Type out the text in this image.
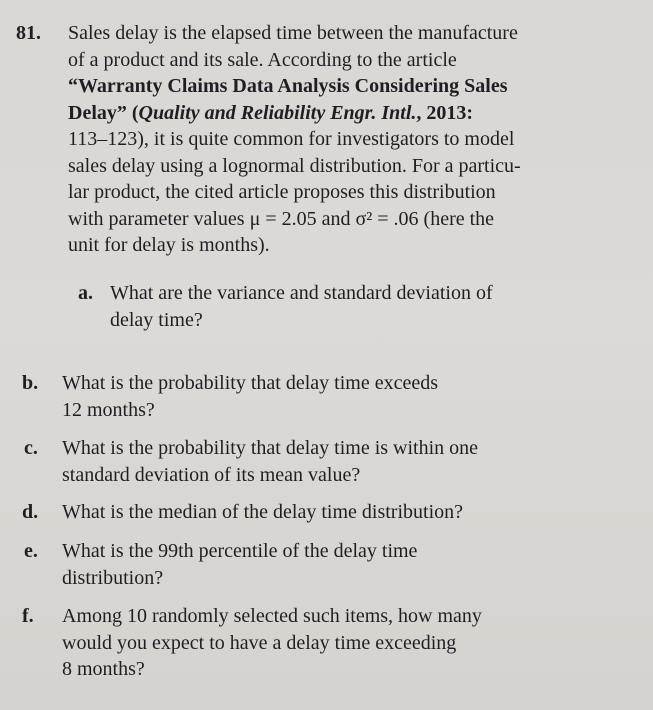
81. Sales delay is the elapsed time between the manufacture
of a product and its sale. According to the article
“Warranty Claims Data Analysis Considering Sales
Delay” (Quality and Reliability Engr. Intl., 2013:
113–123), it is quite common for investigators to model
sales delay using a lognormal distribution. For a particu-
lar product, the cited article proposes this distribution
with parameter values μ = 2.05 and σ² = .06 (here the
unit for delay is months).
a. What are the variance and standard deviation of
delay time?
b. What is the probability that delay time exceeds
12 months?
c. What is the probability that delay time is within one
standard deviation of its mean value?
d. What is the median of the delay time distribution?
e. What is the 99th percentile of the delay time
distribution?
f. Among 10 randomly selected such items, how many
would you expect to have a delay time exceeding
8 months?
